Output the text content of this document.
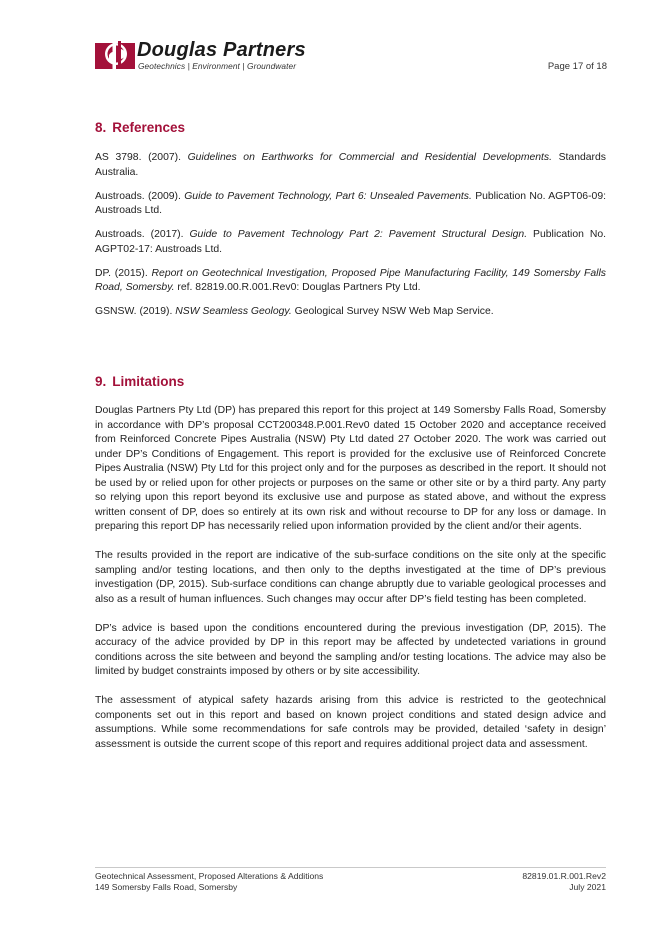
Douglas Partners
Geotechnics | Environment | Groundwater	Page 17 of 18
8. References

AS 3798. (2007). Guidelines on Earthworks for Commercial and Residential Developments. Standards Australia.

Austroads. (2009). Guide to Pavement Technology, Part 6: Unsealed Pavements. Publication No. AGPT06-09: Austroads Ltd.

Austroads. (2017). Guide to Pavement Technology Part 2: Pavement Structural Design. Publication No. AGPT02-17: Austroads Ltd.

DP. (2015). Report on Geotechnical Investigation, Proposed Pipe Manufacturing Facility, 149 Somersby Falls Road, Somersby. ref. 82819.00.R.001.Rev0: Douglas Partners Pty Ltd.

GSNSW. (2019). NSW Seamless Geology. Geological Survey NSW Web Map Service.

9. Limitations

Douglas Partners Pty Ltd (DP) has prepared this report for this project at 149 Somersby Falls Road, Somersby in accordance with DP’s proposal CCT200348.P.001.Rev0 dated 15 October 2020 and acceptance received from Reinforced Concrete Pipes Australia (NSW) Pty Ltd dated 27 October 2020. The work was carried out under DP’s Conditions of Engagement. This report is provided for the exclusive use of Reinforced Concrete Pipes Australia (NSW) Pty Ltd for this project only and for the purposes as described in the report. It should not be used by or relied upon for other projects or purposes on the same or other site or by a third party. Any party so relying upon this report beyond its exclusive use and purpose as stated above, and without the express written consent of DP, does so entirely at its own risk and without recourse to DP for any loss or damage. In preparing this report DP has necessarily relied upon information provided by the client and/or their agents.

The results provided in the report are indicative of the sub-surface conditions on the site only at the specific sampling and/or testing locations, and then only to the depths investigated at the time of DP’s previous investigation (DP, 2015). Sub-surface conditions can change abruptly due to variable geological processes and also as a result of human influences. Such changes may occur after DP’s field testing has been completed.

DP’s advice is based upon the conditions encountered during the previous investigation (DP, 2015). The accuracy of the advice provided by DP in this report may be affected by undetected variations in ground conditions across the site between and beyond the sampling and/or testing locations. The advice may also be limited by budget constraints imposed by others or by site accessibility.

The assessment of atypical safety hazards arising from this advice is restricted to the geotechnical components set out in this report and based on known project conditions and stated design advice and assumptions. While some recommendations for safe controls may be provided, detailed ‘safety in design’ assessment is outside the current scope of this report and requires additional project data and assessment.

Geotechnical Assessment, Proposed Alterations & Additions
149 Somersby Falls Road, Somersby
82819.01.R.001.Rev2
July 2021
